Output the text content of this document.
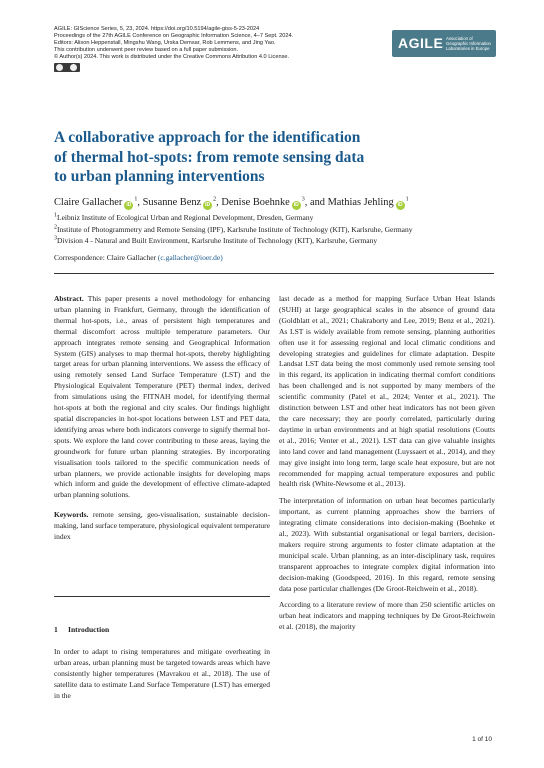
AGILE: GIScience Series, 5, 23, 2024. https://doi.org/10.5194/agile-giss-5-23-2024
Proceedings of the 27th AGILE Conference on Geographic Information Science, 4–7 Sept. 2024.
Editors: Alison Heppenstall, Mingshu Wang, Urska Demsar, Rob Lemmens, and Jing Yao.
This contribution underwent peer review based on a full paper submission.
© Author(s) 2024. This work is distributed under the Creative Commons Attribution 4.0 License.
AGILE Association of Geographic Information Laboratories in Europe
A collaborative approach for the identification of thermal hot-spots: from remote sensing data to urban planning interventions
Claire Gallacher $iD^1$, Susanne Benz $iD^2$, Denise Boehnke $iD^3$, and Mathias Jehling $iD^1$
$^1$Leibniz Institute of Ecological Urban and Regional Development, Dresden, Germany
$^2$Institute of Photogrammetry and Remote Sensing (IPF), Karlsruhe Institute of Technology (KIT), Karlsruhe, Germany
$^3$Division 4 - Natural and Built Environment, Karlsruhe Institute of Technology (KIT), Karlsruhe, Germany
Correspondence: Claire Gallacher (c.gallacher@ioer.de)

Abstract. This paper presents a novel methodology for enhancing urban planning in Frankfurt, Germany, through the identification of thermal hot-spots, i.e., areas of persistent high temperatures and thermal discomfort across multiple temperature parameters. Our approach integrates remote sensing and Geographical Information System (GIS) analyses to map thermal hot-spots, thereby highlighting target areas for urban planning interventions. We assess the efficacy of using remotely sensed Land Surface Temperature (LST) and the Physiological Equivalent Temperature (PET) thermal index, derived from simulations using the FITNAH model, for identifying thermal hot-spots at both the regional and city scales. Our findings highlight spatial discrepancies in hot-spot locations between LST and PET data, identifying areas where both indicators converge to signify thermal hot-spots. We explore the land cover contributing to these areas, laying the groundwork for future urban planning strategies. By incorporating visualisation tools tailored to the specific communication needs of urban planners, we provide actionable insights for developing maps which inform and guide the development of effective climate-adapted urban planning solutions.

Keywords. remote sensing, geo-visualisation, sustainable decision-making, land surface temperature, physiological equivalent temperature index

1 Introduction

In order to adapt to rising temperatures and mitigate overheating in urban areas, urban planning must be targeted towards areas which have consistently higher temperatures (Mavrakou et al., 2018). The use of satellite data to estimate Land Surface Temperature (LST) has emerged in the

last decade as a method for mapping Surface Urban Heat Islands (SUHI) at large geographical scales in the absence of ground data (Goldblatt et al., 2021; Chakraborty and Lee, 2019; Benz et al., 2021). As LST is widely available from remote sensing, planning authorities often use it for assessing regional and local climatic conditions and developing strategies and guidelines for climate adaptation. Despite Landsat LST data being the most commonly used remote sensing tool in this regard, its application in indicating thermal comfort conditions has been challenged and is not supported by many members of the scientific community (Patel et al., 2024; Venter et al., 2021). The distinction between LST and other heat indicators has not been given the care necessary; they are poorly correlated, particularly during daytime in urban environments and at high spatial resolutions (Coutts et al., 2016; Venter et al., 2021). LST data can give valuable insights into land cover and land management (Luyssaert et al., 2014), and they may give insight into long term, large scale heat exposure, but are not recommended for mapping actual temperature exposures and public health risk (White-Newsome et al., 2013).

The interpretation of information on urban heat becomes particularly important, as current planning approaches show the barriers of integrating climate considerations into decision-making (Boehnke et al., 2023). With substantial organisational or legal barriers, decision-makers require strong arguments to foster climate adaptation at the municipal scale. Urban planning, as an inter-disciplinary task, requires transparent approaches to integrate complex digital information into decision-making (Goodspeed, 2016). In this regard, remote sensing data pose particular challenges (De Groot-Reichwein et al., 2018).

According to a literature review of more than 250 scientific articles on urban heat indicators and mapping techniques by De Groot-Reichwein et al. (2018), the majority

1 of 10
